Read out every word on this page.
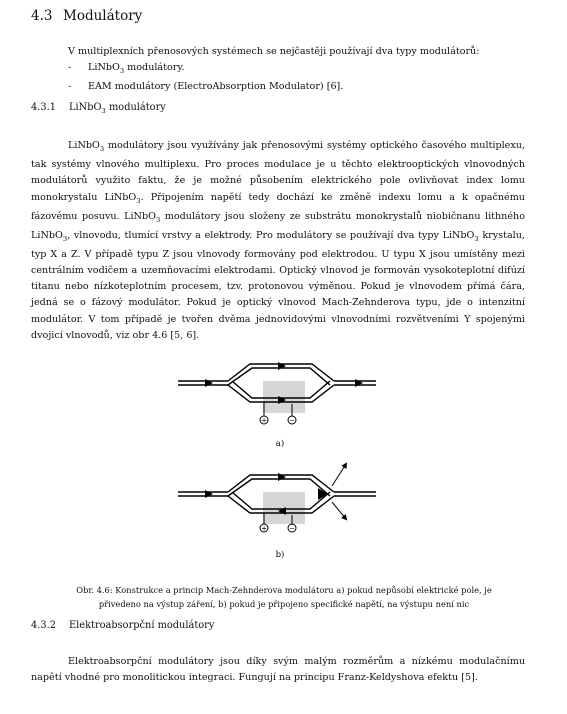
4.3 Modulátory

V multiplexních přenosových systémech se nejčastěji používají dva typy modulátorů:

- LiNbO$_3$ modulátory.
- EAM modulátory (ElectroAbsorption Modulator) [6].
4.3.1 LiNbO$_3$ modulátory

LiNbO$_3$ modulátory jsou využívány jak přenosovými systémy optického časového multiplexu, tak systémy vlnového multiplexu. Pro proces modulace je u těchto elektrooptických vlnovodných modulátorů využito faktu, že je možné působením elektrického pole ovlivňovat index lomu monokrystalu LiNbO$_3$. Připojením napětí tedy dochází ke změně indexu lomu a k opačnému fázovému posuvu. LiNbO$_3$ modulátory jsou složeny ze substrátu monokrystalů niobičnanu lithného LiNbO$_3$, vlnovodu, tlumící vrstvy a elektrody. Pro modulátory se používají dva typy LiNbO$_3$ krystalu, typ X a Z. V případě typu Z jsou vlnovody formovány pod elektrodou. U typu X jsou umístěny mezi centrálním vodičem a uzemňovacími elektrodami. Optický vlnovod je formován vysokoteplotní difúzí titanu nebo nízkoteplotním procesem, tzv. protonovou výměnou. Pokud je vlnovodem přímá čára, jedná se o fázový modulátor. Pokud je optický vlnovod Mach-Zehnderova typu, jde o intenzitní modulátor. V tom případě je tvořen dvěma jednovidovými vlnovodními rozvětveními Y spojenými dvojicí vlnovodů, viz obr 4.6 [5, 6].

+	−
a)
+	−
b)
Obr. 4.6: Konstrukce a princip Mach-Zehnderova modulátoru a) pokud nepůsobí elektrické pole, je
přivedeno na výstup záření, b) pokud je připojeno specifické napětí, na výstupu není nic
4.3.2 Elektroabsorpční modulátory

Elektroabsorpční modulátory jsou díky svým malým rozměrům a nízkému modulačnímu napětí vhodné pro monolitickou integraci. Fungují na principu Franz-Keldyshova efektu [5].
